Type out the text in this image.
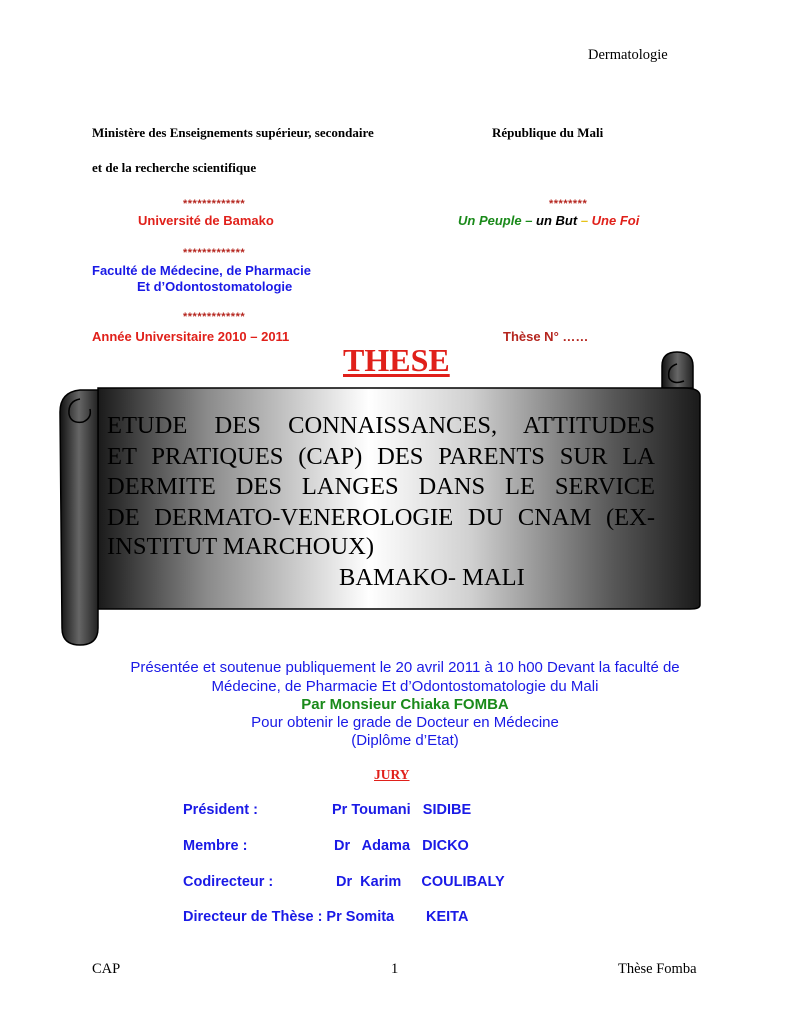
Dermatologie
Ministère des Enseignements supérieur, secondaire	République du Mali
et de la recherche scientifique
*************	********
Université de Bamako	Un Peuple – un But – Une Foi
*************
Faculté de Médecine, de Pharmacie
Et d’Odontostomatologie
*************
Année Universitaire 2010 – 2011	Thèse N° ……
THESE
ETUDE DES CONNAISSANCES, ATTITUDES
ET PRATIQUES (CAP) DES PARENTS SUR LA
DERMITE DES LANGES DANS LE SERVICE
DE DERMATO-VENEROLOGIE DU CNAM (EX-
INSTITUT MARCHOUX)
BAMAKO- MALI
Présentée et soutenue publiquement le 20 avril 2011 à 10 h00 Devant la faculté de
Médecine, de Pharmacie Et d’Odontostomatologie du Mali
Par Monsieur Chiaka FOMBA
Pour obtenir le grade de Docteur en Médecine
(Diplôme d’Etat)
JURY
Président :	Pr Toumani   SIDIBE
Membre :	Dr   Adama   DICKO
Codirecteur :	Dr  Karim     COULIBALY
Directeur de Thèse : Pr Somita KEITA
CAP	1	Thèse Fomba
